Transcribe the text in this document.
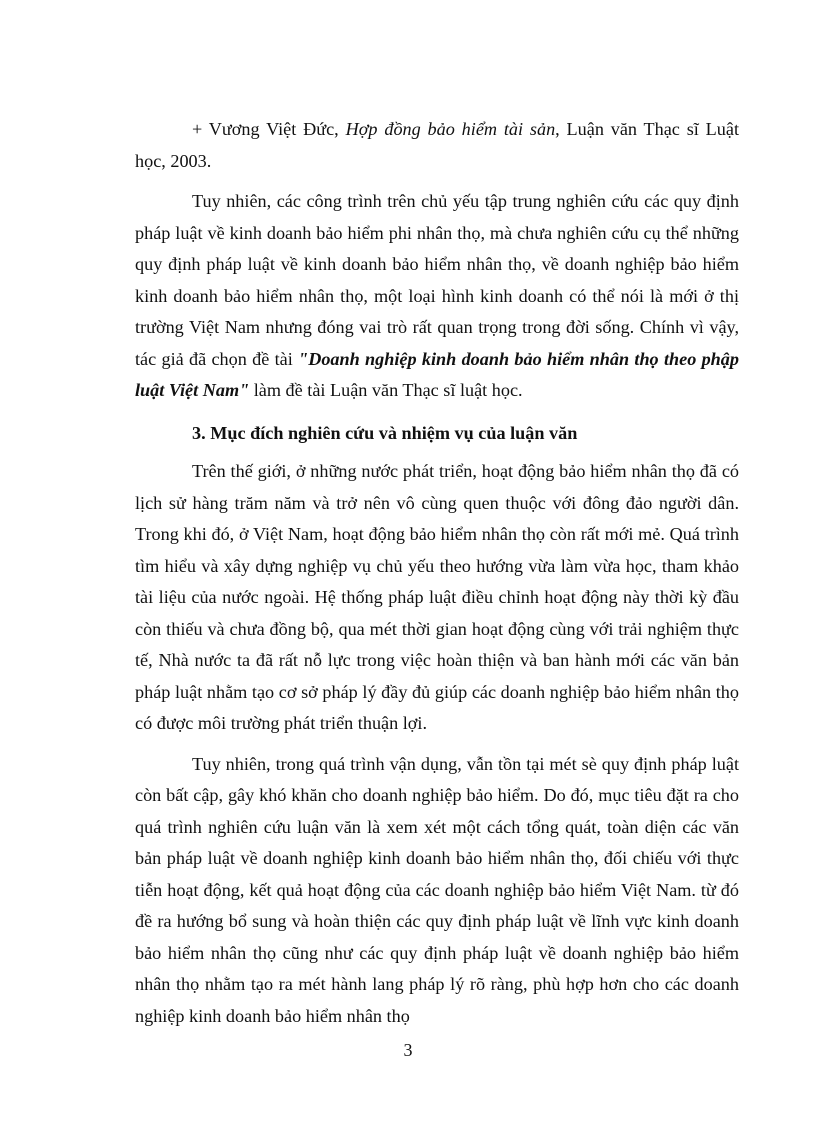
+ Vương Việt Đức, Hợp đồng bảo hiểm tài sản, Luận văn Thạc sĩ Luật học, 2003.

Tuy nhiên, các công trình trên chủ yếu tập trung nghiên cứu các quy định pháp luật về kinh doanh bảo hiểm phi nhân thọ, mà chưa nghiên cứu cụ thể những quy định pháp luật về kinh doanh bảo hiểm nhân thọ, về doanh nghiệp bảo hiểm kinh doanh bảo hiểm nhân thọ, một loại hình kinh doanh có thể nói là mới ở thị trường Việt Nam nhưng đóng vai trò rất quan trọng trong đời sống. Chính vì vậy, tác giả đã chọn đề tài "Doanh nghiệp kinh doanh bảo hiểm nhân thọ theo phập luật Việt Nam" làm đề tài Luận văn Thạc sĩ luật học.

3. Mục đích nghiên cứu và nhiệm vụ của luận văn

Trên thế giới, ở những nước phát triển, hoạt động bảo hiểm nhân thọ đã có lịch sử hàng trăm năm và trở nên vô cùng quen thuộc với đông đảo người dân. Trong khi đó, ở Việt Nam, hoạt động bảo hiểm nhân thọ còn rất mới mẻ. Quá trình tìm hiểu và xây dựng nghiệp vụ chủ yếu theo hướng vừa làm vừa học, tham khảo tài liệu của nước ngoài. Hệ thống pháp luật điều chỉnh hoạt động này thời kỳ đầu còn thiếu và chưa đồng bộ, qua mét thời gian hoạt động cùng với trải nghiệm thực tế, Nhà nước ta đã rất nỗ lực trong việc hoàn thiện và ban hành mới các văn bản pháp luật nhằm tạo cơ sở pháp lý đầy đủ giúp các doanh nghiệp bảo hiểm nhân thọ có được môi trường phát triển thuận lợi.

Tuy nhiên, trong quá trình vận dụng, vẫn tồn tại mét sè quy định pháp luật còn bất cập, gây khó khăn cho doanh nghiệp bảo hiểm. Do đó, mục tiêu đặt ra cho quá trình nghiên cứu luận văn là xem xét một cách tổng quát, toàn diện các văn bản pháp luật về doanh nghiệp kinh doanh bảo hiểm nhân thọ, đối chiếu với thực tiễn hoạt động, kết quả hoạt động của các doanh nghiệp bảo hiểm Việt Nam. từ đó đề ra hướng bổ sung và hoàn thiện các quy định pháp luật về lĩnh vực kinh doanh bảo hiểm nhân thọ cũng như các quy định pháp luật về doanh nghiệp bảo hiểm nhân thọ nhằm tạo ra mét hành lang pháp lý rõ ràng, phù hợp hơn cho các doanh nghiệp kinh doanh bảo hiểm nhân thọ

3
